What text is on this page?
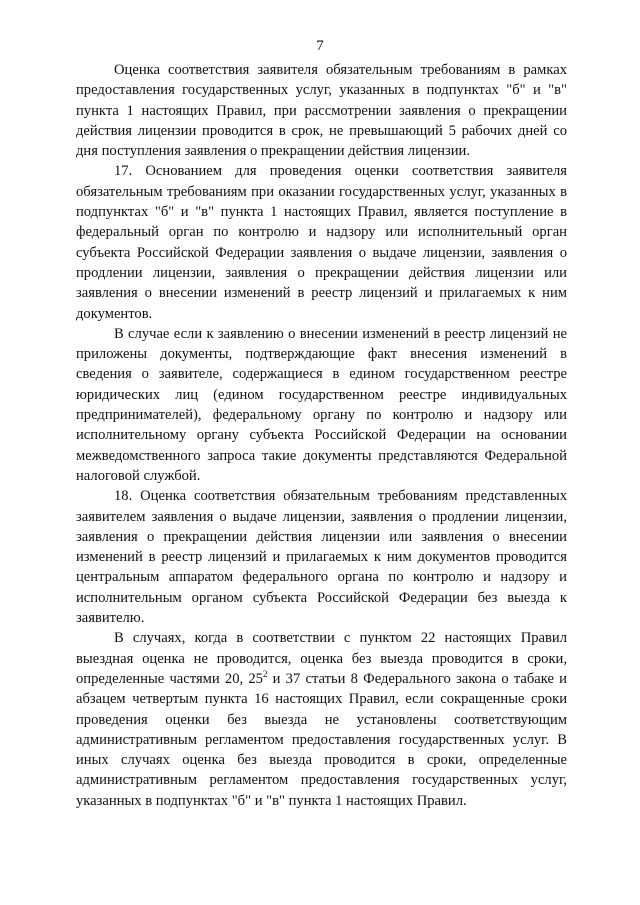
7

Оценка соответствия заявителя обязательным требованиям в рамках предоставления государственных услуг, указанных в подпунктах "б" и "в" пункта 1 настоящих Правил, при рассмотрении заявления о прекращении действия лицензии проводится в срок, не превышающий 5 рабочих дней со дня поступления заявления о прекращении действия лицензии.

17. Основанием для проведения оценки соответствия заявителя обязательным требованиям при оказании государственных услуг, указанных в подпунктах "б" и "в" пункта 1 настоящих Правил, является поступление в федеральный орган по контролю и надзору или исполнительный орган субъекта Российской Федерации заявления о выдаче лицензии, заявления о продлении лицензии, заявления о прекращении действия лицензии или заявления о внесении изменений в реестр лицензий и прилагаемых к ним документов.

В случае если к заявлению о внесении изменений в реестр лицензий не приложены документы, подтверждающие факт внесения изменений в сведения о заявителе, содержащиеся в едином государственном реестре юридических лиц (едином государственном реестре индивидуальных предпринимателей), федеральному органу по контролю и надзору или исполнительному органу субъекта Российской Федерации на основании межведомственного запроса такие документы представляются Федеральной налоговой службой.

18. Оценка соответствия обязательным требованиям представленных заявителем заявления о выдаче лицензии, заявления о продлении лицензии, заявления о прекращении действия лицензии или заявления о внесении изменений в реестр лицензий и прилагаемых к ним документов проводится центральным аппаратом федерального органа по контролю и надзору и исполнительным органом субъекта Российской Федерации без выезда к заявителю.

В случаях, когда в соответствии с пунктом 22 настоящих Правил выездная оценка не проводится, оценка без выезда проводится в сроки, определенные частями 20, $25^2$ и 37 статьи 8 Федерального закона о табаке и абзацем четвертым пункта 16 настоящих Правил, если сокращенные сроки проведения оценки без выезда не установлены соответствующим административным регламентом предоставления государственных услуг. В иных случаях оценка без выезда проводится в сроки, определенные административным регламентом предоставления государственных услуг, указанных в подпунктах "б" и "в" пункта 1 настоящих Правил.
